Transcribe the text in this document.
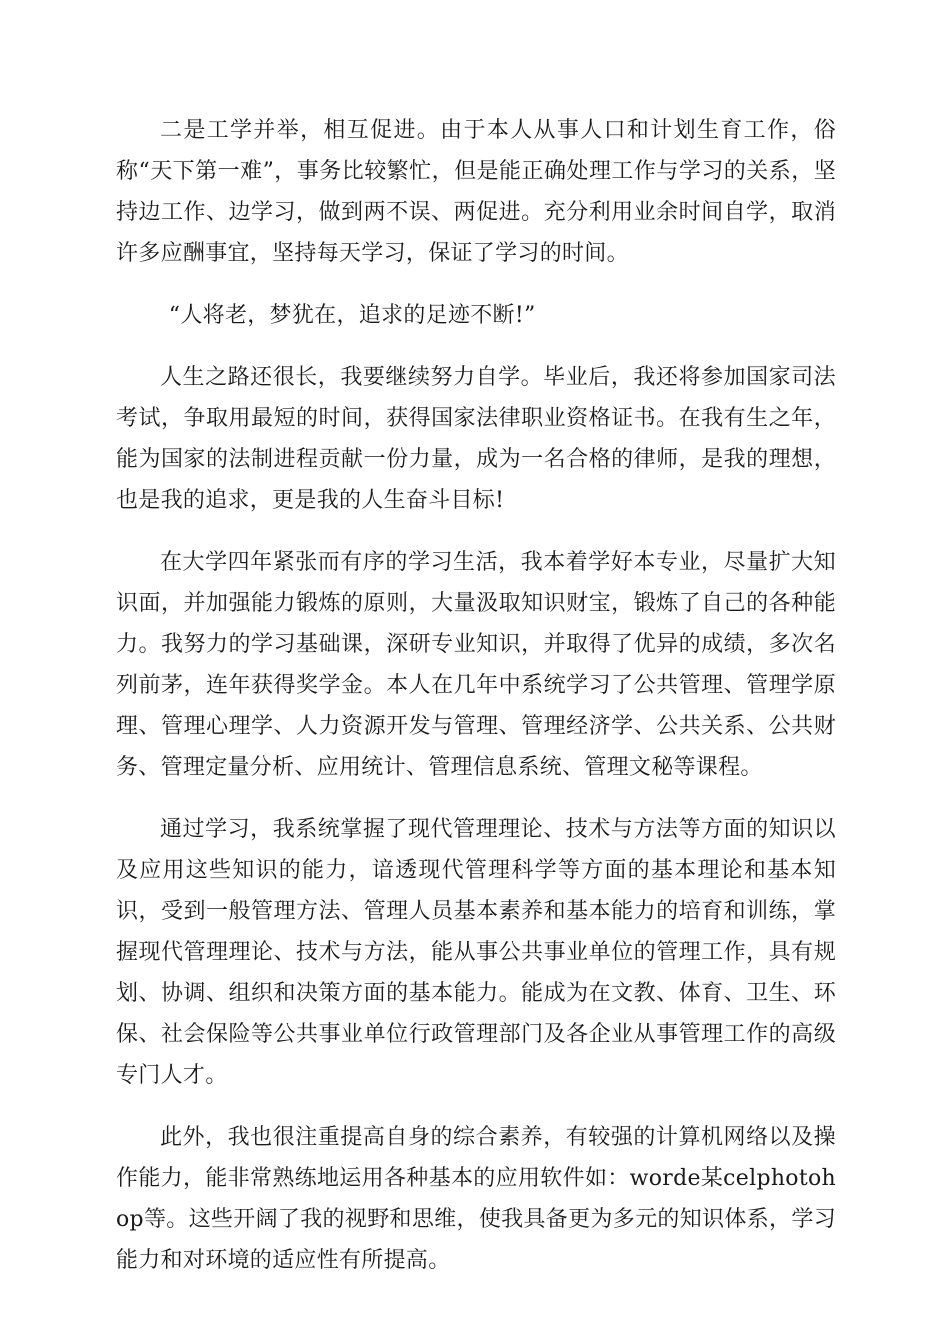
二是工学并举，相互促进。由于本人从事人口和计划生育工作，俗称“天下第一难”，事务比较繁忙，但是能正确处理工作与学习的关系，坚持边工作、边学习，做到两不误、两促进。充分利用业余时间自学，取消许多应酬事宜，坚持每天学习，保证了学习的时间。

“人将老，梦犹在，追求的足迹不断!”

人生之路还很长，我要继续努力自学。毕业后，我还将参加国家司法考试，争取用最短的时间，获得国家法律职业资格证书。在我有生之年，能为国家的法制进程贡献一份力量，成为一名合格的律师，是我的理想，也是我的追求，更是我的人生奋斗目标!

在大学四年紧张而有序的学习生活，我本着学好本专业，尽量扩大知识面，并加强能力锻炼的原则，大量汲取知识财宝，锻炼了自己的各种能力。我努力的学习基础课，深研专业知识，并取得了优异的成绩，多次名列前茅，连年获得奖学金。本人在几年中系统学习了公共管理、管理学原理、管理心理学、人力资源开发与管理、管理经济学、公共关系、公共财务、管理定量分析、应用统计、管理信息系统、管理文秘等课程。

通过学习，我系统掌握了现代管理理论、技术与方法等方面的知识以及应用这些知识的能力，谙透现代管理科学等方面的基本理论和基本知识，受到一般管理方法、管理人员基本素养和基本能力的培育和训练，掌握现代管理理论、技术与方法，能从事公共事业单位的管理工作，具有规划、协调、组织和决策方面的基本能力。能成为在文教、体育、卫生、环保、社会保险等公共事业单位行政管理部门及各企业从事管理工作的高级专门人才。

此外，我也很注重提高自身的综合素养，有较强的计算机网络以及操作能力，能非常熟练地运用各种基本的应用软件如：worde某celphotohop等。这些开阔了我的视野和思维，使我具备更为多元的知识体系，学习能力和对环境的适应性有所提高。
